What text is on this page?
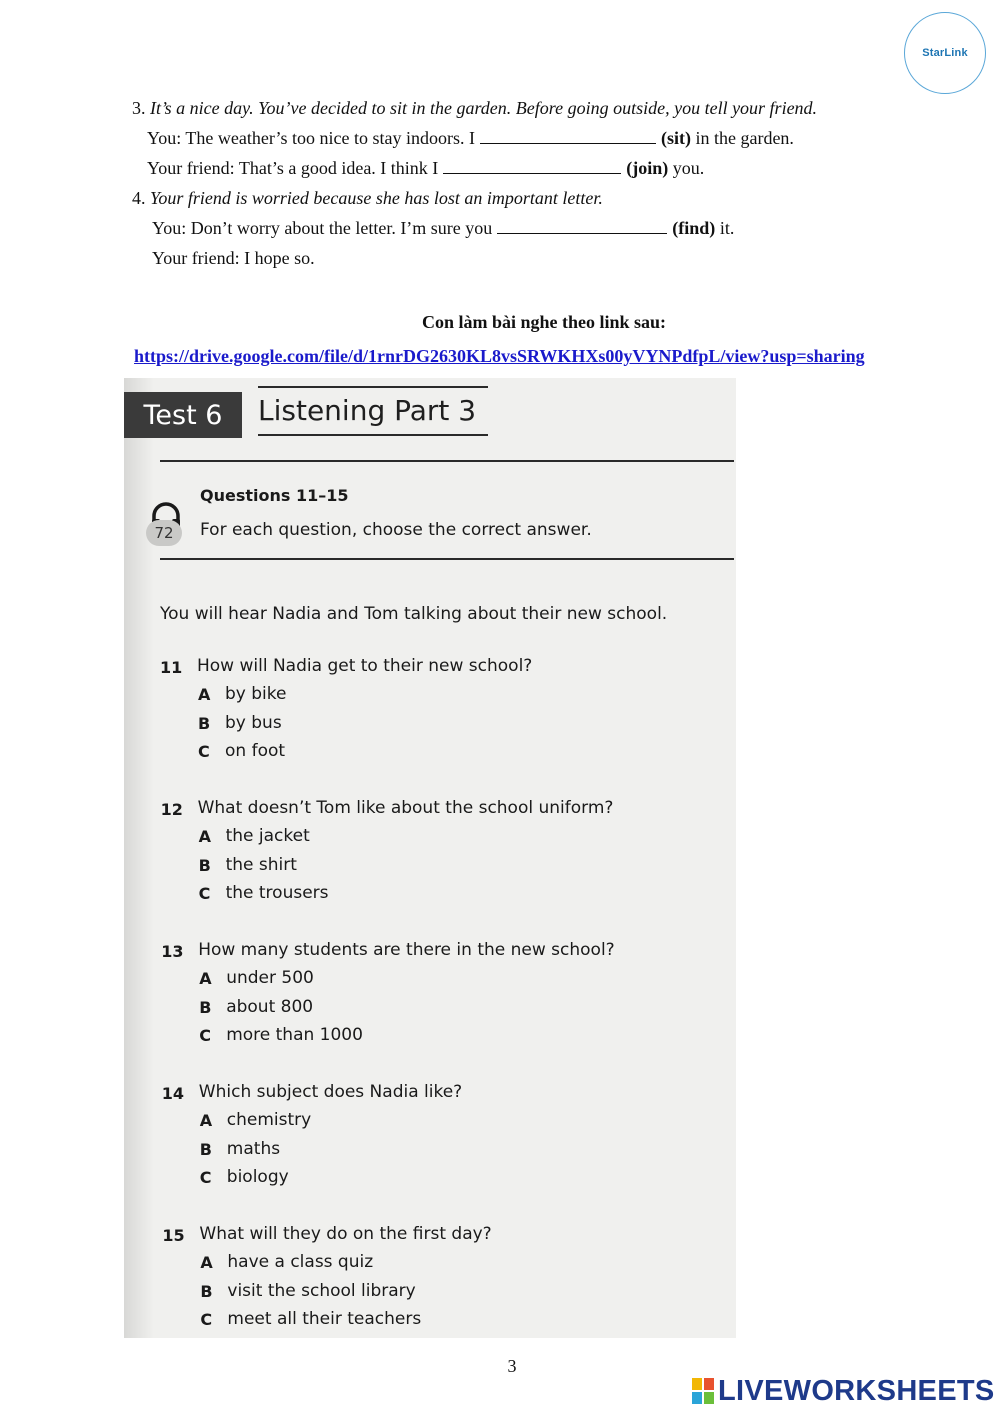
StarLink
3. It’s a nice day. You’ve decided to sit in the garden. Before going outside, you tell your friend.
You: The weather’s too nice to stay indoors. I	(sit) in the garden.
Your friend: That’s a good idea. I think I	(join) you.
4. Your friend is worried because she has lost an important letter.
You: Don’t worry about the letter. I’m sure you	(find) it.
Your friend: I hope so.
Con làm bài nghe theo link sau:
https://drive.google.com/file/d/1rnrDG2630KL8vsSRWKHXs00yVYNPdfpL/view?usp=sharing
Test 6	Listening Part 3
72
Questions 11–15
For each question, choose the correct answer.
You will hear Nadia and Tom talking about their new school.
11 How will Nadia get to their new school?
A by bike
B by bus
C on foot
12 What doesn’t Tom like about the school uniform?
A the jacket
B the shirt
C the trousers
13 How many students are there in the new school?
A under 500
B about 800
C more than 1000
14 Which subject does Nadia like?
A chemistry
B maths
C biology
15 What will they do on the first day?
A have a class quiz
B visit the school library
C meet all their teachers
3
LIVEWORKSHEETS
